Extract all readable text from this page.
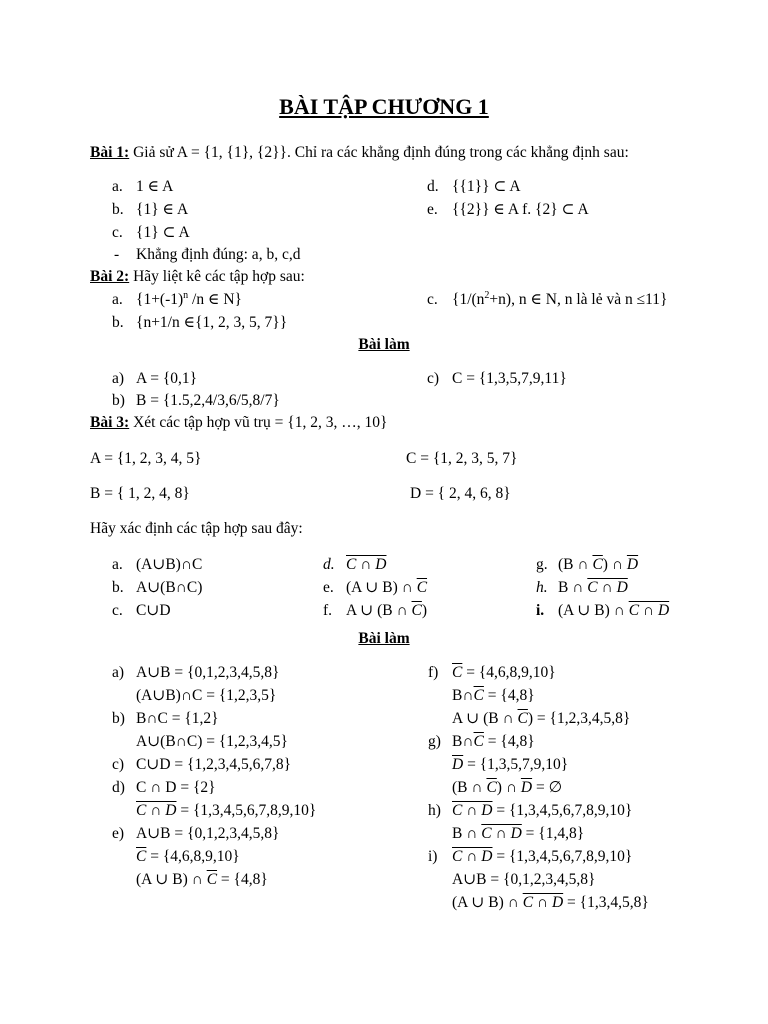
BÀI TẬP CHƯƠNG 1
Bài 1: Giả sử A = {1, {1}, {2}}. Chỉ ra các khẳng định đúng trong các khẳng định sau:
a. 1 ∈ A
b. {1} ∈ A
c. {1} ⊂ A
- Khẳng định đúng: a, b, c,d
d. {{1}} ⊂ A
e. {{2}} ∈ A f. {2} ⊂ A
Bài 2: Hãy liệt kê các tập hợp sau:
a. {$1+(-1)^n$ /n ∈ N}
b. {n+1/n ∈{1, 2, 3, 5, 7}}
c. {$1/(n^2+n)$, n ∈ N, n là lẻ và n ≤11}
Bài làm
a) A = {0,1}
b) B = {1.5,2,4/3,6/5,8/7}
c) C = {1,3,5,7,9,11}
Bài 3: Xét các tập hợp vũ trụ = {1, 2, 3, …, 10}
A = {1, 2, 3, 4, 5}	C = {1, 2, 3, 5, 7}
B = { 1, 2, 4, 8}	D = { 2, 4, 6, 8}
Hãy xác định các tập hợp sau đây:
a. (A∪B)∩C
b. A∪(B∩C)
c. C∪D
d. C ∩ D
e. (A ∪ B) ∩ $\overline{C}$
f. A ∪ (B ∩ $\overline{C}$)
g. (B ∩ $\overline{C}$) ∩ $\overline{D}$
h. B ∩ C ∩ D
i. (A ∪ B) ∩ C ∩ D
Bài làm
a) A∪B = {0,1,2,3,4,5,8}
(A∪B)∩C = {1,2,3,5}
b) B∩C = {1,2}
A∪(B∩C) = {1,2,3,4,5}
c) C∪D = {1,2,3,4,5,6,7,8}
d) C ∩ D = {2}
C ∩ D = {1,3,4,5,6,7,8,9,10}
e) A∪B = {0,1,2,3,4,5,8}
$\overline{C} = \{4,6,8,9,10\}$
(A ∪ B) ∩ $\overline{C} = \{4,8\}$
f) $\overline{C} = \{4,6,8,9,10\}$
$B\cap\overline{C} = \{4,8\}$
A ∪ (B ∩ $\overline{C}) = \{1,2,3,4,5,8\}$
g) $B\cap\overline{C} = \{4,8\}$
$\overline{D} = \{1,3,5,7,9,10\}$
(B ∩ $\overline{C}$) ∩ $\overline{D}$ = ∅
h) C ∩ D = {1,3,4,5,6,7,8,9,10}
B ∩ C ∩ D = {1,4,8}
i) C ∩ D = {1,3,4,5,6,7,8,9,10}
A∪B = {0,1,2,3,4,5,8}
(A ∪ B) ∩ C ∩ D = {1,3,4,5,8}
